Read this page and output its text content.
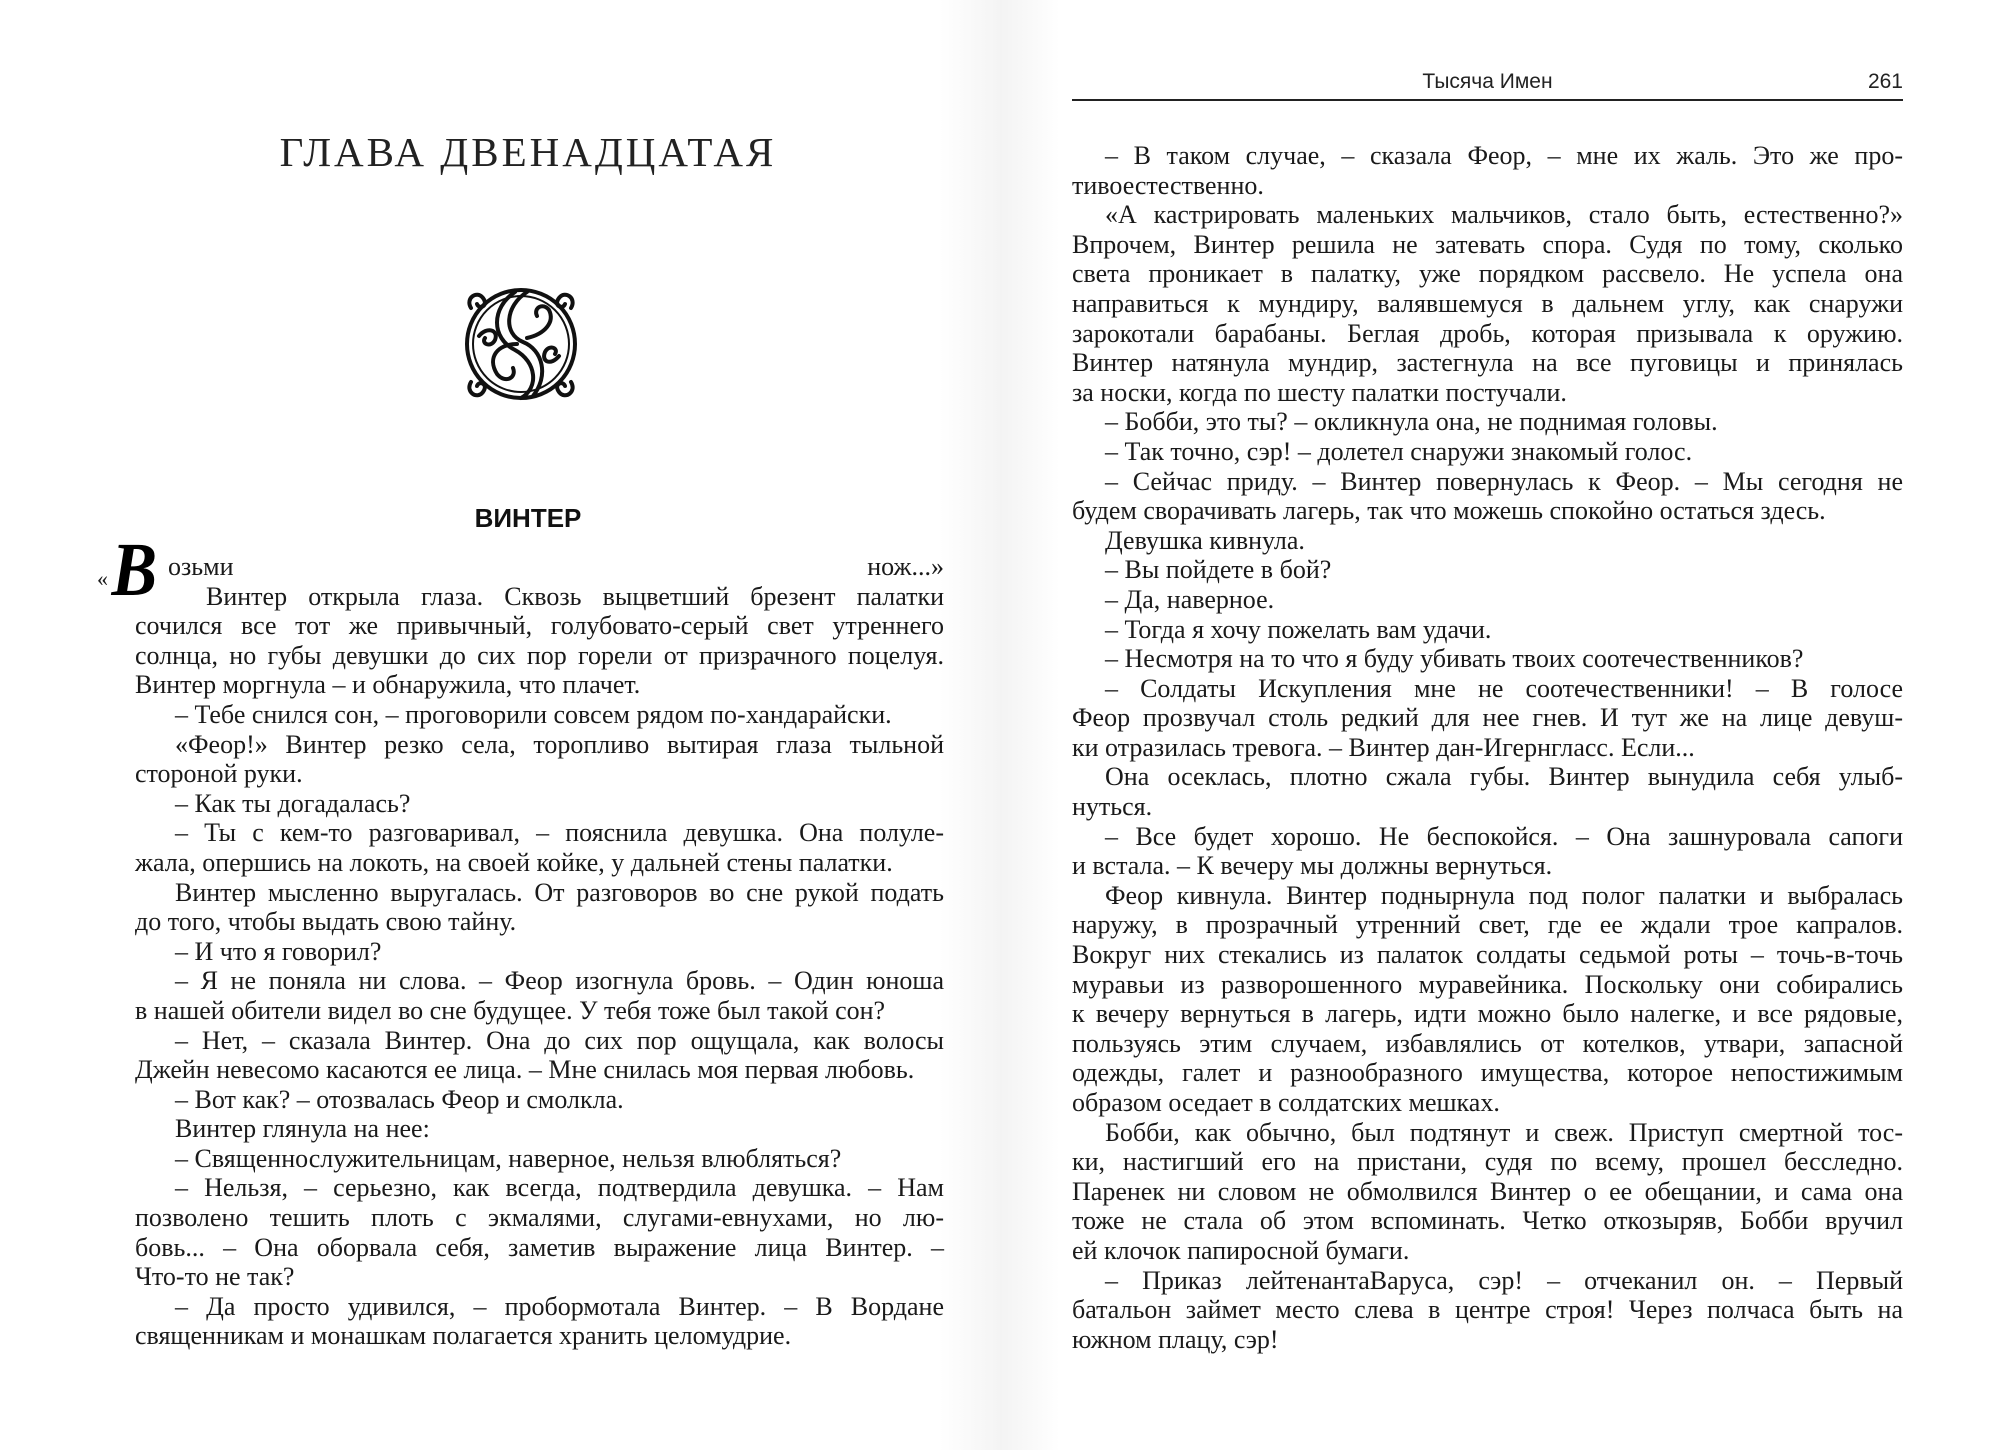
ГЛАВА ДВЕНАДЦАТАЯ
ВИНТЕР
« В озьми нож...»
Винтер открыла глаза. Сквозь выцветший брезент палатки
сочился все тот же привычный, голубовато-серый свет утреннего
солнца, но губы девушки до сих пор горели от призрачного поцелуя.
Винтер моргнула – и обнаружила, что плачет.
– Тебе снился сон, – проговорили совсем рядом по-хандарайски.
«Феор!» Винтер резко села, торопливо вытирая глаза тыльной
стороной руки.
– Как ты догадалась?
– Ты с кем-то разговаривал, – пояснила девушка. Она полуле-
жала, опершись на локоть, на своей койке, у дальней стены палатки.
Винтер мысленно выругалась. От разговоров во сне рукой подать
до того, чтобы выдать свою тайну.
– И что я говорил?
– Я не поняла ни слова. – Феор изогнула бровь. – Один юноша
в нашей обители видел во сне будущее. У тебя тоже был такой сон?
– Нет, – сказала Винтер. Она до сих пор ощущала, как волосы
Джейн невесомо касаются ее лица. – Мне снилась моя первая любовь.
– Вот как? – отозвалась Феор и смолкла.
Винтер глянула на нее:
– Священнослужительницам, наверное, нельзя влюбляться?
– Нельзя, – серьезно, как всегда, подтвердила девушка. – Нам
позволено тешить плоть с экмалями, слугами-евнухами, но лю-
бовь... – Она оборвала себя, заметив выражение лица Винтер. –
Что-то не так?
– Да просто удивился, – пробормотала Винтер. – В Вордане
священникам и монашкам полагается хранить целомудрие.
Тысяча Имен	261
– В таком случае, – сказала Феор, – мне их жаль. Это же про-
тивоестественно.
«А кастрировать маленьких мальчиков, стало быть, естественно?»
Впрочем, Винтер решила не затевать спора. Судя по тому, сколько
света проникает в палатку, уже порядком рассвело. Не успела она
направиться к мундиру, валявшемуся в дальнем углу, как снаружи
зарокотали барабаны. Беглая дробь, которая призывала к оружию.
Винтер натянула мундир, застегнула на все пуговицы и принялась
за носки, когда по шесту палатки постучали.
– Бобби, это ты? – окликнула она, не поднимая головы.
– Так точно, сэр! – долетел снаружи знакомый голос.
– Сейчас приду. – Винтер повернулась к Феор. – Мы сегодня не
будем сворачивать лагерь, так что можешь спокойно остаться здесь.
Девушка кивнула.
– Вы пойдете в бой?
– Да, наверное.
– Тогда я хочу пожелать вам удачи.
– Несмотря на то что я буду убивать твоих соотечественников?
– Солдаты Искупления мне не соотечественники! – В голосе
Феор прозвучал столь редкий для нее гнев. И тут же на лице девуш-
ки отразилась тревога. – Винтер дан-Игернгласс. Если...
Она осеклась, плотно сжала губы. Винтер вынудила себя улыб-
нуться.
– Все будет хорошо. Не беспокойся. – Она зашнуровала сапоги
и встала. – К вечеру мы должны вернуться.
Феор кивнула. Винтер поднырнула под полог палатки и выбралась
наружу, в прозрачный утренний свет, где ее ждали трое капралов.
Вокруг них стекались из палаток солдаты седьмой роты – точь-в-точь
муравьи из разворошенного муравейника. Поскольку они собирались
к вечеру вернуться в лагерь, идти можно было налегке, и все рядовые,
пользуясь этим случаем, избавлялись от котелков, утвари, запасной
одежды, галет и разнообразного имущества, которое непостижимым
образом оседает в солдатских мешках.
Бобби, как обычно, был подтянут и свеж. Приступ смертной тос-
ки, настигший его на пристани, судя по всему, прошел бесследно.
Паренек ни словом не обмолвился Винтер о ее обещании, и сама она
тоже не стала об этом вспоминать. Четко откозыряв, Бобби вручил
ей клочок папиросной бумаги.
– Приказ лейтенантаВаруса, сэр! – отчеканил он. – Первый
батальон займет место слева в центре строя! Через полчаса быть на
южном плацу, сэр!
